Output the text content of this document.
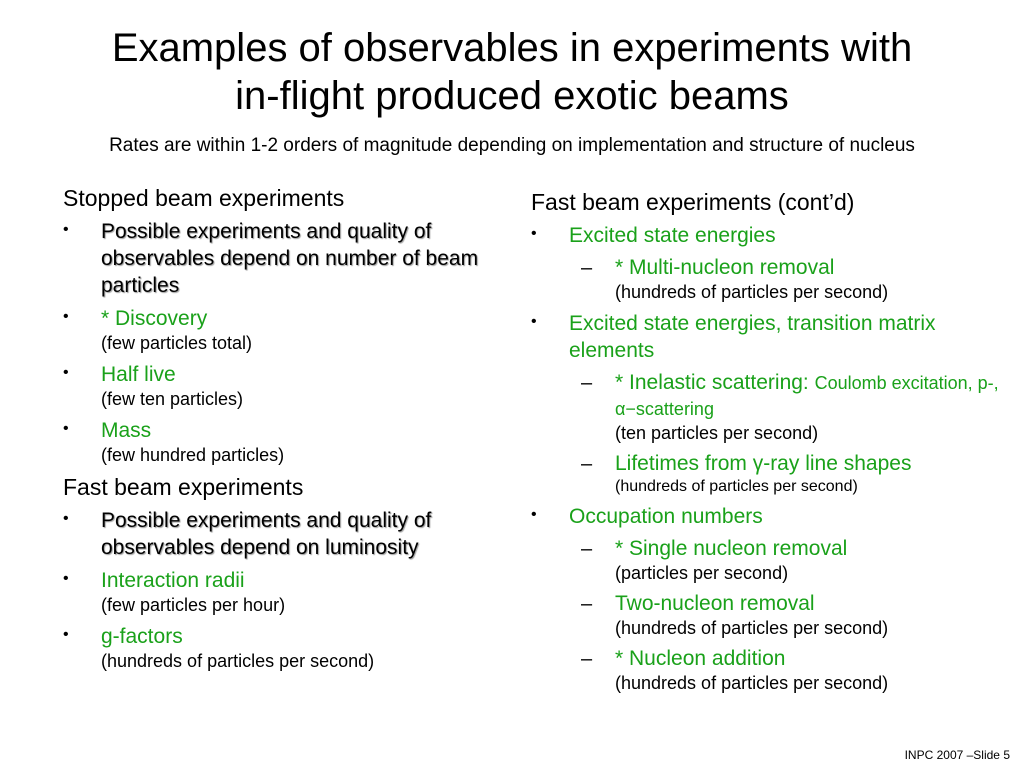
Examples of observables in experiments with
in-flight produced exotic beams
Rates are within 1-2 orders of magnitude depending on implementation and structure of nucleus
Stopped beam experiments
• Possible experiments and quality of observables depend on number of beam particles
• * Discovery
(few particles total)
• Half live
(few ten particles)
• Mass
(few hundred particles)
Fast beam experiments
• Possible experiments and quality of observables depend on luminosity
• Interaction radii
(few particles per hour)
• g-factors
(hundreds of particles per second)
Fast beam experiments (cont’d)
• Excited state energies
– * Multi-nucleon removal
(hundreds of particles per second)
• Excited state energies, transition matrix elements
– * Inelastic scattering: Coulomb excitation, p-, α−scattering
(ten particles per second)
– Lifetimes from γ-ray line shapes
(hundreds of particles per second)
• Occupation numbers
– * Single nucleon removal
(particles per second)
– Two-nucleon removal
(hundreds of particles per second)
– * Nucleon addition
(hundreds of particles per second)
INPC 2007 –Slide 5
